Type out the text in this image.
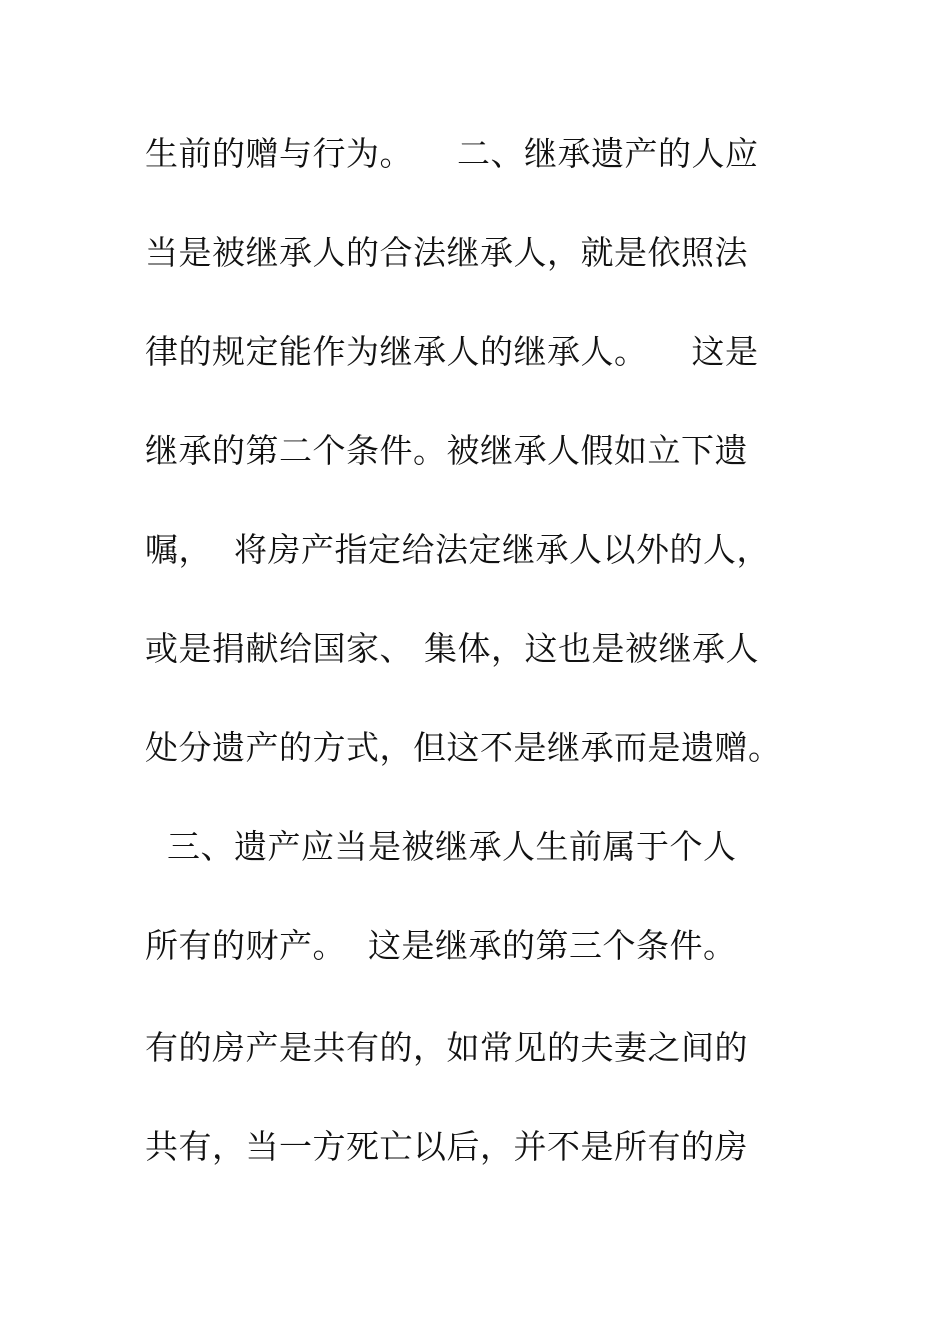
生前的赠与行为。    二、继承遗产的人应
当是被继承人的合法继承人，就是依照法
律的规定能作为继承人的继承人。    这是
继承的第二个条件。被继承人假如立下遗
嘱，  将房产指定给法定继承人以外的人，
或是捐献给国家、 集体，这也是被继承人
处分遗产的方式，但这不是继承而是遗赠。
三、遗产应当是被继承人生前属于个人
所有的财产。  这是继承的第三个条件。
有的房产是共有的，如常见的夫妻之间的
共有，当一方死亡以后，并不是所有的房
